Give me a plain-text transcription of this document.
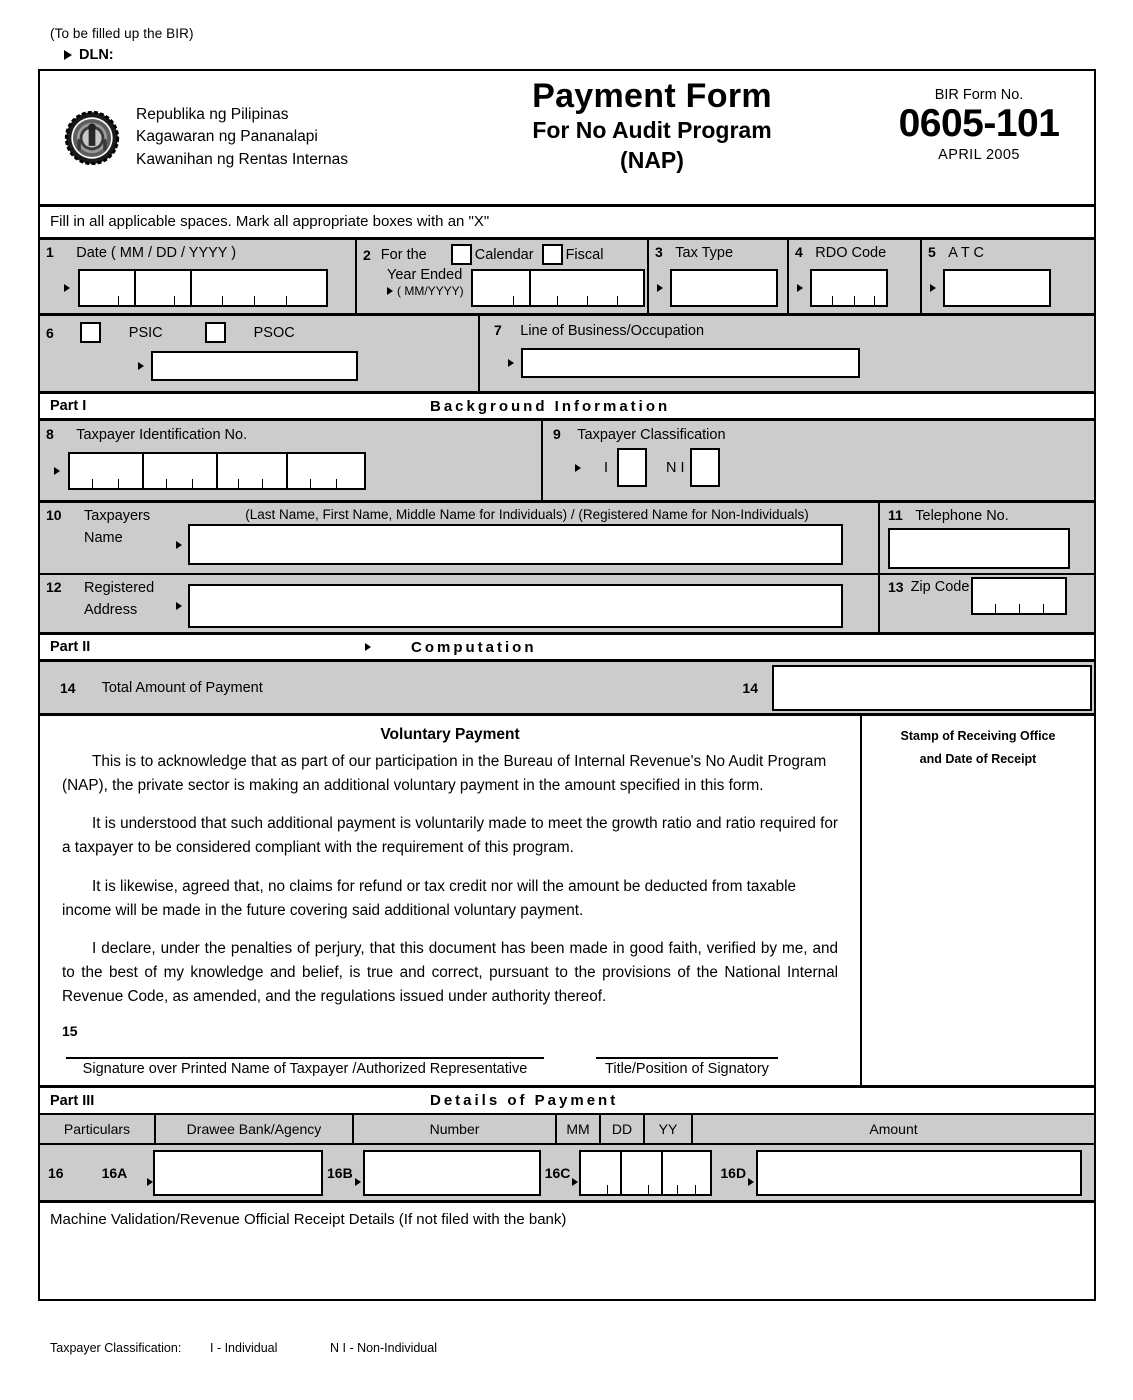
(To be filled up the BIR)
DLN:
Republika ng Pilipinas
Kagawaran ng Pananalapi
Kawanihan ng Rentas Internas
Payment Form
For No Audit Program
(NAP)
BIR Form No.
0605-101
APRIL 2005
Fill in all applicable spaces. Mark all appropriate boxes with an "X"
1 Date ( MM / DD / YYYY )	2 For the	Calendar Fiscal
Year Ended
( MM/YYYY)
3 Tax Type	4 RDO Code	5 A T C
6	PSIC	PSOC	7 Line of Business/Occupation
Part I	Background Information
8 Taxpayer Identification No.	9 Taxpayer Classification
I	N I
10 Taxpayers
Name
(Last Name, First Name, Middle Name for Individuals) / (Registered Name for Non-Individuals)	11 Telephone No.
12 Registered
Address
13 Zip Code
Part II	Computation
14 Total Amount of Payment	14
Voluntary Payment

This is to acknowledge that as part of our participation in the Bureau of Internal Revenue's No Audit Program (NAP), the private sector is making an additional voluntary payment in the amount specified in this form.

It is understood that such additional payment is voluntarily made to meet the growth ratio and ratio required for a taxpayer to be considered compliant with the requirement of this program.

It is likewise, agreed that, no claims for refund or tax credit nor will the amount be deducted from taxable income will be made in the future covering said additional voluntary payment.

I declare, under the penalties of perjury, that this document has been made in good faith, verified by me, and to the best of my knowledge and belief, is true and correct, pursuant to the provisions of the National Internal Revenue Code, as amended, and the regulations issued under authority thereof.

15
Signature over Printed Name of Taxpayer /Authorized Representative	Title/Position of Signatory
Stamp of Receiving Office
and Date of Receipt
Part III	Details of Payment
Particulars	Drawee Bank/Agency	Number	MM	DD	YY	Amount
16	16A	16B	16C	16D
Machine Validation/Revenue Official Receipt Details (If not filed with the bank)
Taxpayer Classification:	I - Individual	N I - Non-Individual
